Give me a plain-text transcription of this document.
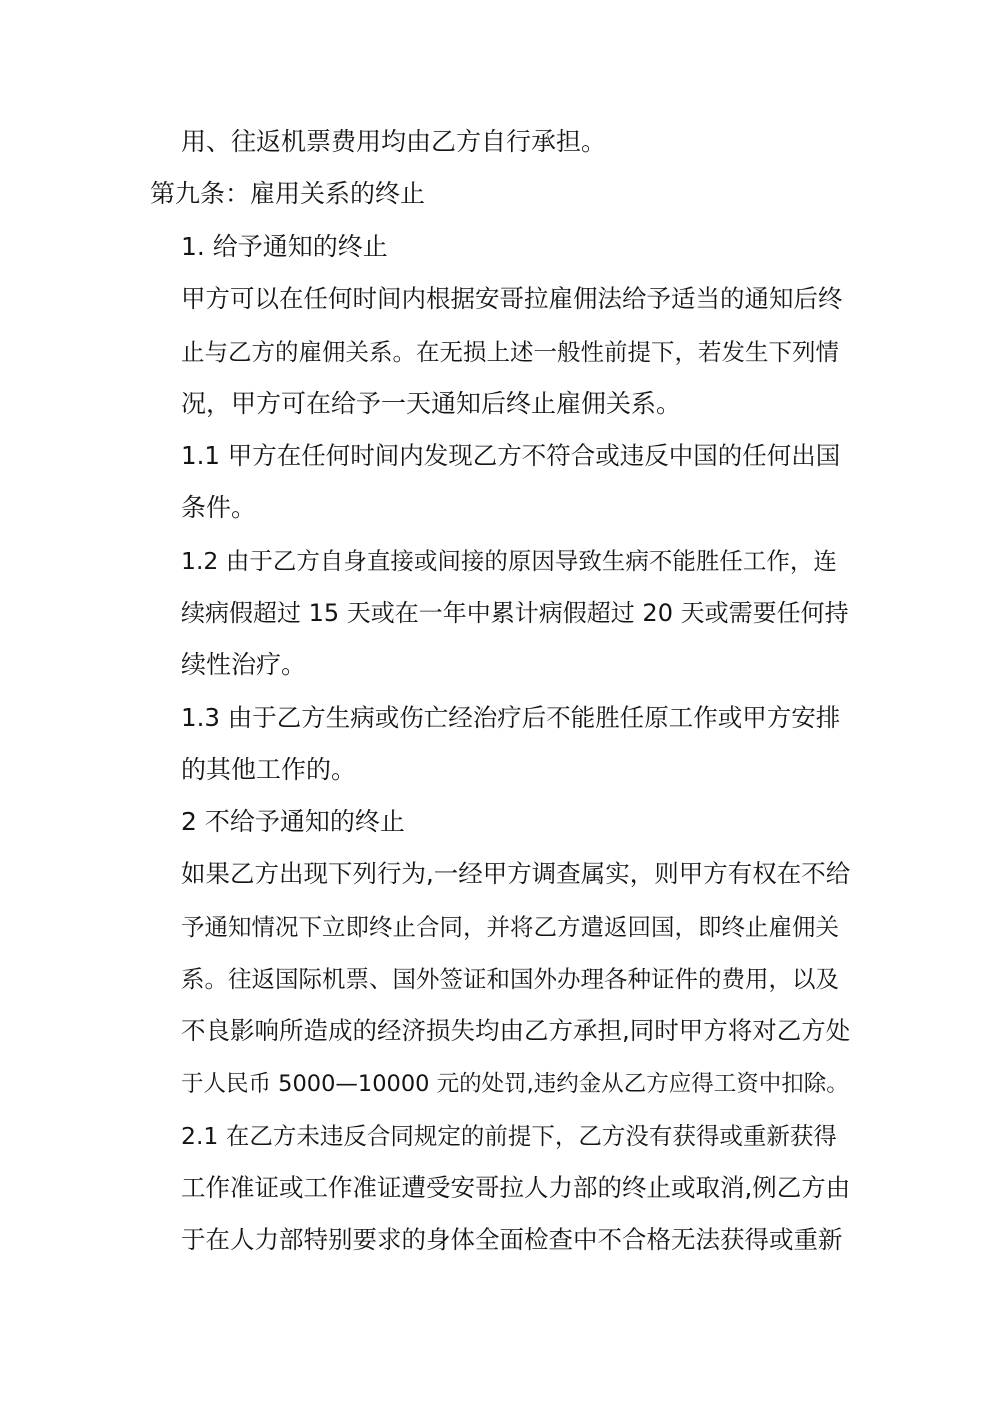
用、往返机票费用均由乙方自行承担。
第九条：雇用关系的终止
1. 给予通知的终止
甲方可以在任何时间内根据安哥拉雇佣法给予适当的通知后终
止与乙方的雇佣关系。在无损上述一般性前提下，若发生下列情
况，甲方可在给予一天通知后终止雇佣关系。
1.1 甲方在任何时间内发现乙方不符合或违反中国的任何出国
条件。
1.2 由于乙方自身直接或间接的原因导致生病不能胜任工作，连
续病假超过 15 天或在一年中累计病假超过 20 天或需要任何持
续性治疗。
1.3 由于乙方生病或伤亡经治疗后不能胜任原工作或甲方安排
的其他工作的。
2 不给予通知的终止
如果乙方出现下列行为,一经甲方调查属实，则甲方有权在不给
予通知情况下立即终止合同，并将乙方遣返回国，即终止雇佣关
系。往返国际机票、国外签证和国外办理各种证件的费用，以及
不良影响所造成的经济损失均由乙方承担,同时甲方将对乙方处
于人民币 5000—10000 元的处罚,违约金从乙方应得工资中扣除。
2.1 在乙方未违反合同规定的前提下，乙方没有获得或重新获得
工作准证或工作准证遭受安哥拉人力部的终止或取消,例乙方由
于在人力部特别要求的身体全面检查中不合格无法获得或重新
